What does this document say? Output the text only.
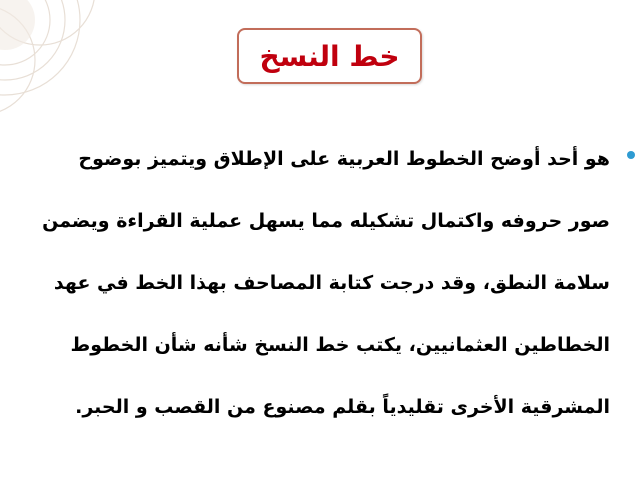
خط النسخ
هو أحد أوضح الخطوط العربية على الإطلاق ويتميز بوضوح
صور حروفه واكتمال تشكيله مما يسهل عملية القراءة ويضمن
سلامة النطق، وقد درجت كتابة المصاحف بهذا الخط في عهد
الخطاطين العثمانيين، يكتب خط النسخ شأنه شأن الخطوط
المشرقية الأخرى تقليدياً بقلم مصنوع من القصب و الحبر.
